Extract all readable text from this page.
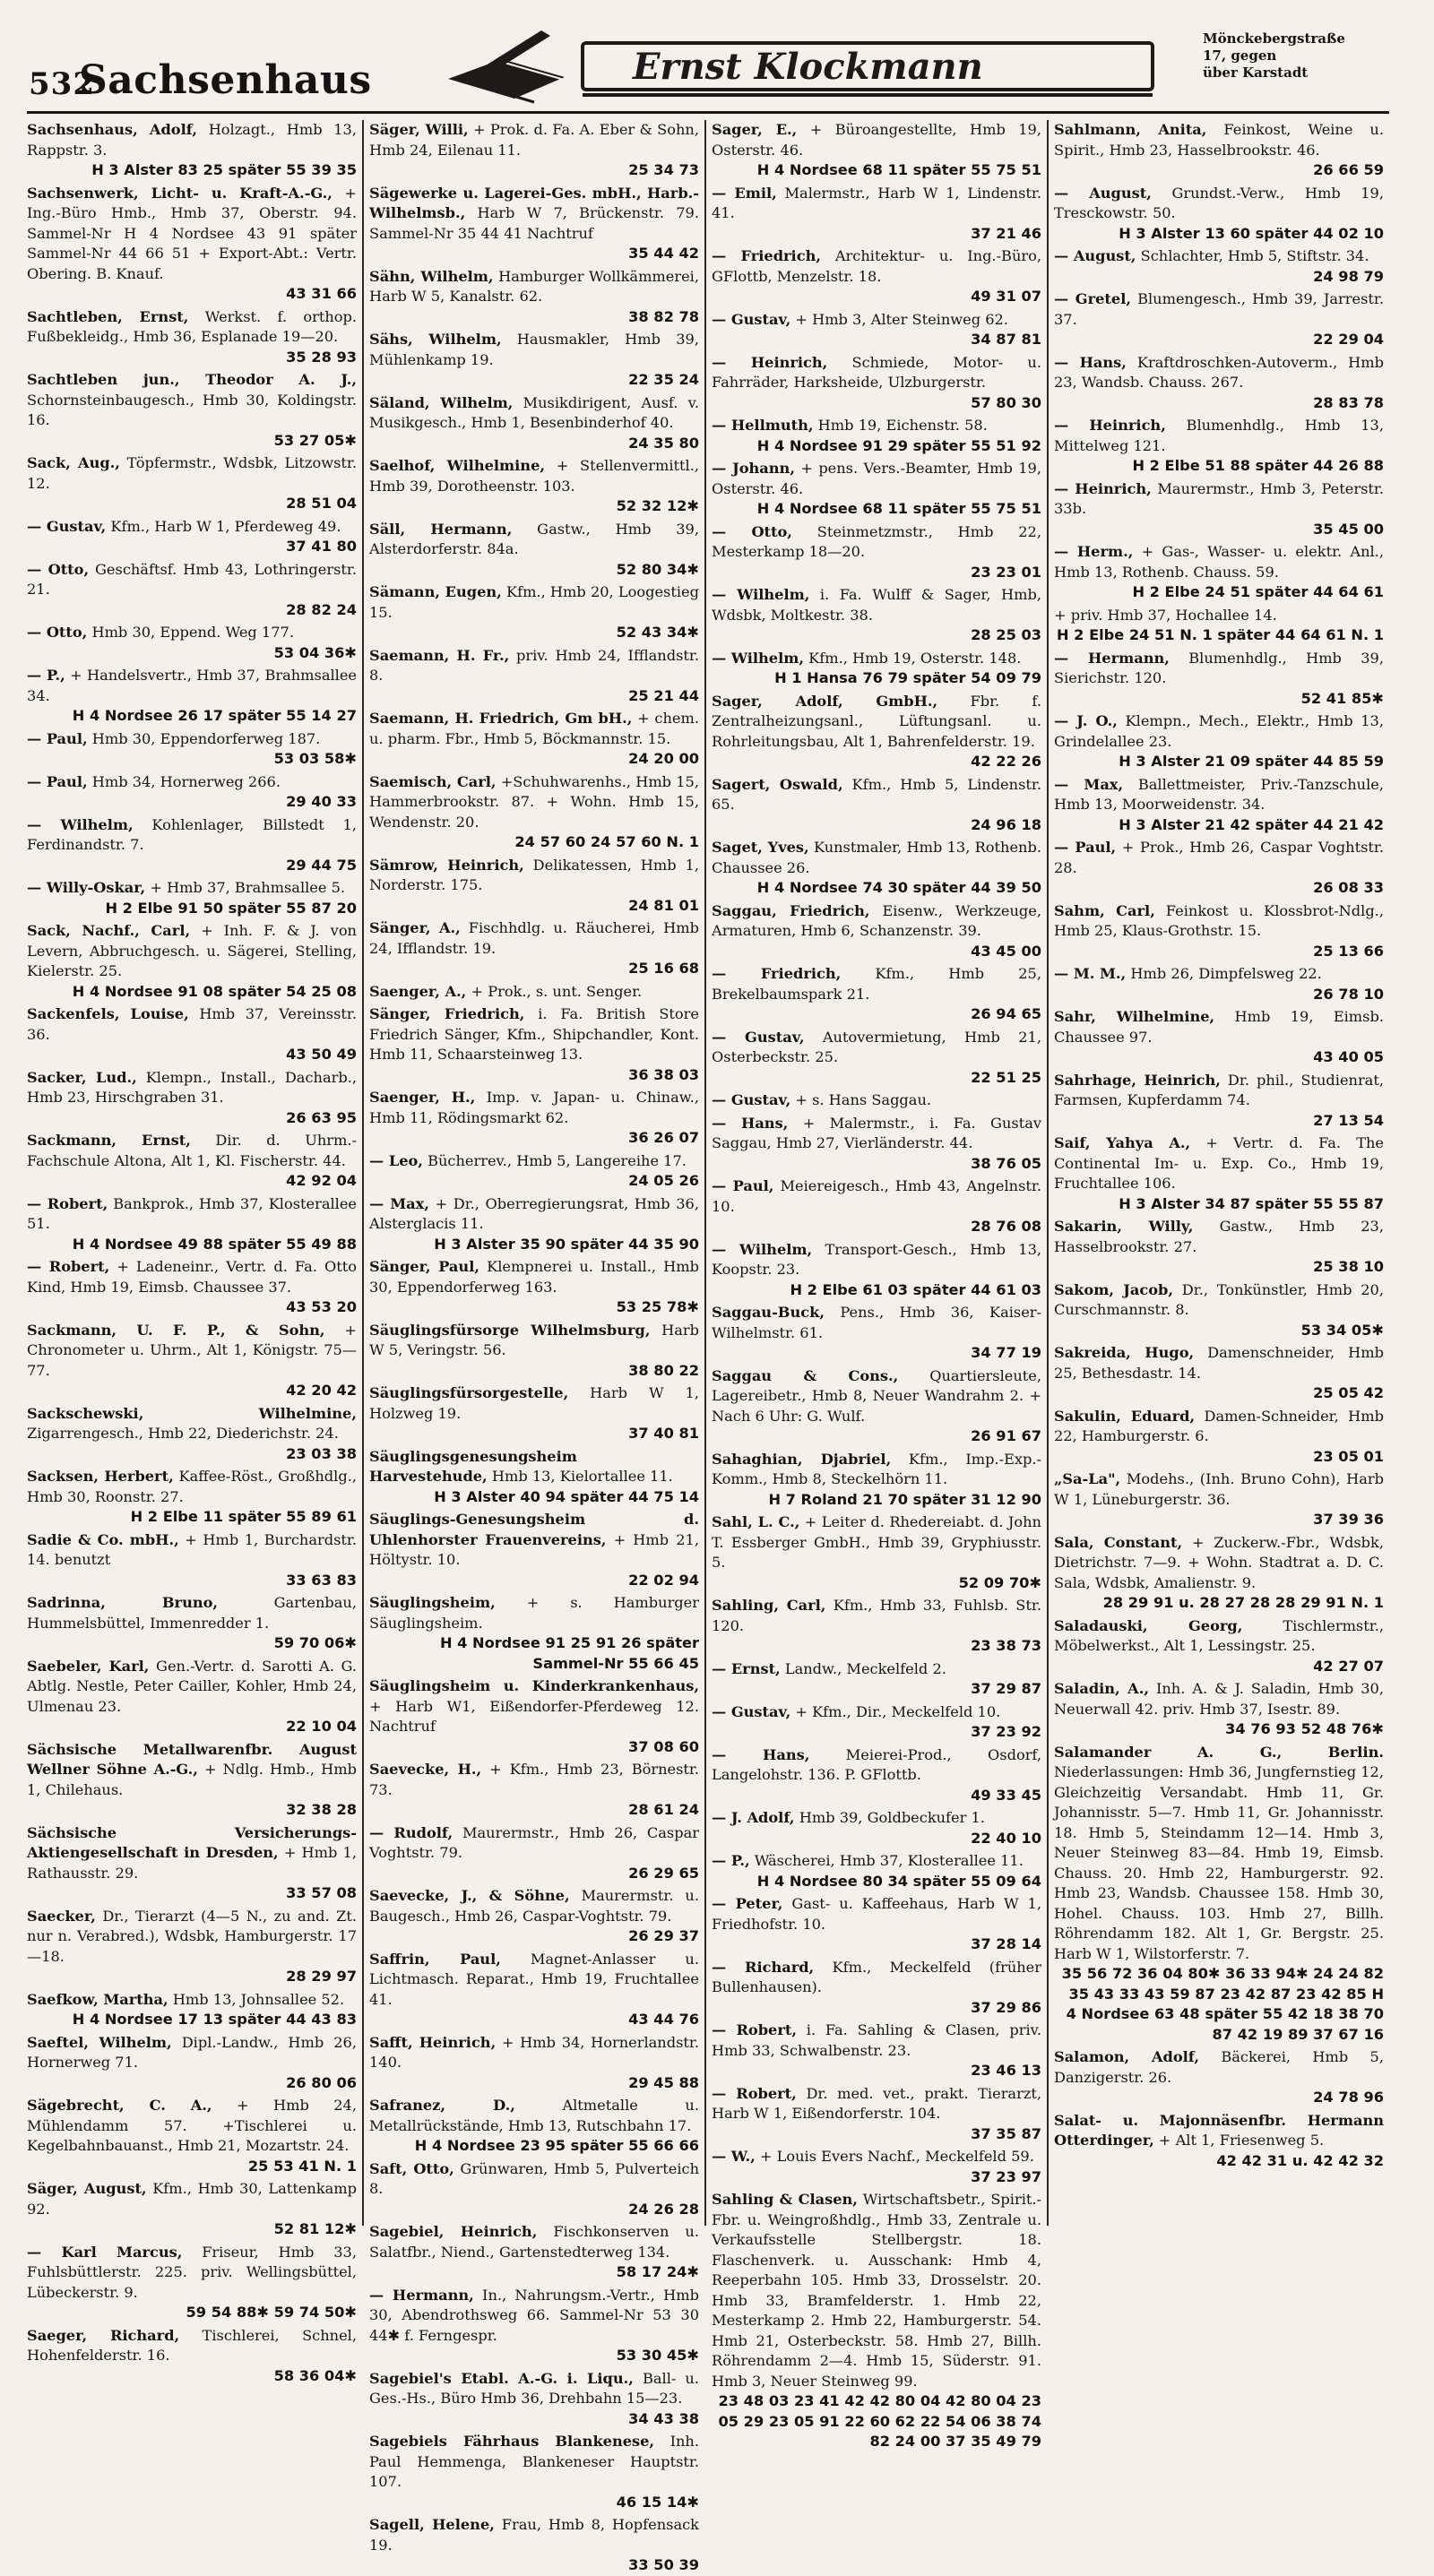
532
Sachsenhaus	Ernst Klockmann
Mönckebergstraße 17, gegen
über Karstadt

Sachsenhaus, Adolf, Holzagt., Hmb 13, Rappstr. 3.
H 3 Alster 83 25 später 55 39 35

Sachsenwerk, Licht- u. Kraft-A.-G., + Ing.-Büro Hmb., Hmb 37, Oberstr. 94. Sammel-Nr H 4 Nordsee 43 91 später Sammel-Nr 44 66 51 + Export-Abt.: Vertr. Obering. B. Knauf.
43 31 66

Sachtleben, Ernst, Werkst. f. orthop. Fußbekleidg., Hmb 36, Esplanade 19—20.
35 28 93

Sachtleben jun., Theodor A. J., Schornsteinbaugesch., Hmb 30, Koldingstr. 16.
53 27 05✱

Sack, Aug., Töpfermstr., Wdsbk, Litzowstr. 12.
28 51 04

— Gustav, Kfm., Harb W 1, Pferdeweg 49.
37 41 80

— Otto, Geschäftsf. Hmb 43, Lothringerstr. 21.
28 82 24

— Otto, Hmb 30, Eppend. Weg 177.
53 04 36✱

— P., + Handelsvertr., Hmb 37, Brahmsallee 34.
H 4 Nordsee 26 17 später 55 14 27

— Paul, Hmb 30, Eppendorferweg 187.
53 03 58✱

— Paul, Hmb 34, Hornerweg 266.
29 40 33

— Wilhelm, Kohlenlager, Billstedt 1, Ferdinandstr. 7.
29 44 75

— Willy-Oskar, + Hmb 37, Brahmsallee 5.
H 2 Elbe 91 50 später 55 87 20

Sack, Nachf., Carl, + Inh. F. & J. von Levern, Abbruchgesch. u. Sägerei, Stelling, Kielerstr. 25.
H 4 Nordsee 91 08 später 54 25 08

Sackenfels, Louise, Hmb 37, Vereinsstr. 36.
43 50 49

Sacker, Lud., Klempn., Install., Dacharb., Hmb 23, Hirschgraben 31.
26 63 95

Sackmann, Ernst, Dir. d. Uhrm.-Fachschule Altona, Alt 1, Kl. Fischerstr. 44.
42 92 04

— Robert, Bankprok., Hmb 37, Klosterallee 51.
H 4 Nordsee 49 88 später 55 49 88

— Robert, + Ladeneinr., Vertr. d. Fa. Otto Kind, Hmb 19, Eimsb. Chaussee 37.
43 53 20

Sackmann, U. F. P., & Sohn, + Chronometer u. Uhrm., Alt 1, Königstr. 75—77.
42 20 42

Sackschewski, Wilhelmine, Zigarrengesch., Hmb 22, Diederichstr. 24.
23 03 38

Sacksen, Herbert, Kaffee-Röst., Großhdlg., Hmb 30, Roonstr. 27.
H 2 Elbe 11 später 55 89 61

Sadie & Co. mbH., + Hmb 1, Burchardstr. 14. benutzt
33 63 83

Sadrinna, Bruno,	Gartenbau, Hummelsbüttel, Immenredder 1.
59 70 06✱

Saebeler, Karl, Gen.-Vertr. d. Sarotti A. G. Abtlg. Nestle, Peter Cailler, Kohler, Hmb 24, Ulmenau 23.
22 10 04

Sächsische Metallwarenfbr. August Wellner Söhne A.-G., + Ndlg. Hmb., Hmb 1, Chilehaus.
32 38 28

Sächsische Versicherungs-Aktiengesellschaft in Dresden, + Hmb 1, Rathausstr. 29.
33 57 08

Saecker, Dr., Tierarzt (4—5 N., zu and. Zt. nur n. Verabred.), Wdsbk, Hamburgerstr. 17—18.
28 29 97

Saefkow, Martha, Hmb 13, Johnsallee 52.
H 4 Nordsee 17 13 später 44 43 83

Saeftel, Wilhelm, Dipl.-Landw., Hmb 26, Hornerweg 71.
26 80 06

Sägebrecht, C. A., + Hmb 24, Mühlendamm 57. +Tischlerei u. Kegelbahnbauanst., Hmb 21, Mozartstr. 24.
25 53 41 N. 1

Säger, August, Kfm., Hmb 30, Lattenkamp 92.
52 81 12✱

— Karl Marcus, Friseur, Hmb 33, Fuhlsbüttlerstr. 225. priv. Wellingsbüttel, Lübeckerstr. 9.
59 54 88✱ 59 74 50✱

Saeger, Richard, Tischlerei, Schnel, Hohenfelderstr. 16.
58 36 04✱

Säger, Willi, + Prok. d. Fa. A. Eber & Sohn, Hmb 24, Eilenau 11.
25 34 73

Sägewerke u. Lagerei-Ges. mbH., Harb.-Wilhelmsb., Harb W 7, Brückenstr. 79. Sammel-Nr 35 44 41 Nachtruf
35 44 42

Sähn, Wilhelm, Hamburger Wollkämmerei, Harb W 5, Kanalstr. 62.
38 82 78

Sähs, Wilhelm, Hausmakler, Hmb 39, Mühlenkamp 19.
22 35 24

Säland, Wilhelm, Musikdirigent, Ausf. v. Musikgesch., Hmb 1, Besenbinderhof 40.
24 35 80

Saelhof, Wilhelmine, + Stellenvermittl., Hmb 39, Dorotheenstr. 103.
52 32 12✱

Säll, Hermann, Gastw., Hmb 39, Alsterdorferstr. 84a.
52 80 34✱

Sämann, Eugen, Kfm., Hmb 20, Loogestieg 15.
52 43 34✱

Saemann, H. Fr., priv. Hmb 24, Ifflandstr. 8.
25 21 44

Saemann, H. Friedrich, Gm bH., + chem. u. pharm. Fbr., Hmb 5, Böckmannstr. 15.
24 20 00

Saemisch, Carl, +Schuhwarenhs., Hmb 15, Hammerbrookstr. 87. + Wohn. Hmb 15, Wendenstr. 20.
24 57 60 24 57 60 N. 1

Sämrow, Heinrich, Delikatessen, Hmb 1, Norderstr. 175.
24 81 01

Sänger, A., Fischhdlg. u. Räucherei, Hmb 24, Ifflandstr. 19.
25 16 68

Saenger, A., + Prok., s. unt. Senger.

Sänger, Friedrich, i. Fa. British Store Friedrich Sänger, Kfm., Shipchandler, Kont. Hmb 11, Schaarsteinweg 13.
36 38 03

Saenger, H., Imp. v. Japan- u. Chinaw., Hmb 11, Rödingsmarkt 62.
36 26 07

— Leo, Bücherrev., Hmb 5, Langereihe 17.
24 05 26

— Max, + Dr., Oberregierungsrat, Hmb 36, Alsterglacis 11.
H 3 Alster 35 90 später 44 35 90

Sänger, Paul, Klempnerei u. Install., Hmb 30, Eppendorferweg 163.
53 25 78✱

Säuglingsfürsorge Wilhelmsburg, Harb W 5, Veringstr. 56.
38 80 22

Säuglingsfürsorgestelle, Harb W 1, Holzweg 19.
37 40 81

Säuglingsgenesungsheim Harvestehude, Hmb 13, Kielortallee 11.
H 3 Alster 40 94 später 44 75 14

Säuglings-Genesungsheim d. Uhlenhorster Frauenvereins, + Hmb 21, Höltystr. 10.
22 02 94

Säuglingsheim, + s. Hamburger Säuglingsheim.
H 4 Nordsee 91 25 91 26 später Sammel-Nr 55 66 45

Säuglingsheim u. Kinderkrankenhaus, + Harb W1, Eißendorfer-Pferdeweg 12. Nachtruf
37 08 60

Saevecke, H., + Kfm., Hmb 23, Börnestr. 73.
28 61 24

— Rudolf, Maurermstr., Hmb 26, Caspar Voghtstr. 79.
26 29 65

Saevecke, J., & Söhne, Maurermstr. u. Baugesch., Hmb 26, Caspar-Voghtstr. 79.
26 29 37

Saffrin, Paul, Magnet-Anlasser u. Lichtmasch. Reparat., Hmb 19, Fruchtallee 41.
43 44 76

Safft, Heinrich, + Hmb 34, Hornerlandstr. 140.
29 45 88

Safranez, D.,	Altmetalle u. Metallrückstände, Hmb 13, Rutschbahn 17.
H 4 Nordsee 23 95 später 55 66 66

Saft, Otto, Grünwaren, Hmb 5, Pulverteich 8.
24 26 28

Sagebiel, Heinrich, Fischkonserven u. Salatfbr., Niend., Gartenstedterweg 134.
58 17 24✱

— Hermann, In., Nahrungsm.-Vertr., Hmb 30, Abendrothsweg 66. Sammel-Nr 53 30 44✱ f. Ferngespr.
53 30 45✱

Sagebiel's Etabl. A.-G. i. Liqu., Ball- u. Ges.-Hs., Büro Hmb 36, Drehbahn 15—23.
34 43 38

Sagebiels Fährhaus Blankenese, Inh. Paul Hemmenga, Blankeneser Hauptstr. 107.
46 15 14✱

Sagell, Helene, Frau, Hmb 8, Hopfensack 19.
33 50 39

Sager, E., + Büroangestellte, Hmb 19, Osterstr. 46.
H 4 Nordsee 68 11 später 55 75 51

— Emil, Malermstr., Harb W 1, Lindenstr. 41.
37 21 46

— Friedrich, Architektur- u. Ing.-Büro, GFlottb, Menzelstr. 18.
49 31 07

— Gustav, + Hmb 3, Alter Steinweg 62.
34 87 81

— Heinrich, Schmiede, Motor- u. Fahrräder, Harksheide, Ulzburgerstr.
57 80 30

— Hellmuth, Hmb 19, Eichenstr. 58.
H 4 Nordsee 91 29 später 55 51 92

— Johann, + pens. Vers.-Beamter, Hmb 19, Osterstr. 46.
H 4 Nordsee 68 11 später 55 75 51

— Otto, Steinmetzmstr., Hmb 22, Mesterkamp 18—20.
23 23 01

— Wilhelm, i. Fa. Wulff & Sager, Hmb, Wdsbk, Moltkestr. 38.
28 25 03

— Wilhelm, Kfm., Hmb 19, Osterstr. 148.
H 1 Hansa 76 79 später 54 09 79

Sager, Adolf, GmbH., Fbr. f. Zentralheizungsanl., Lüftungsanl. u. Rohrleitungsbau, Alt 1, Bahrenfelderstr. 19.
42 22 26

Sagert, Oswald, Kfm., Hmb 5, Lindenstr. 65.
24 96 18

Saget, Yves, Kunstmaler, Hmb 13, Rothenb. Chaussee 26.
H 4 Nordsee 74 30 später 44 39 50

Saggau, Friedrich, Eisenw., Werkzeuge, Armaturen, Hmb 6, Schanzenstr. 39.
43 45 00

— Friedrich, Kfm., Hmb 25, Brekelbaumspark 21.
26 94 65

— Gustav, Autovermietung, Hmb 21, Osterbeckstr. 25.
22 51 25

— Gustav, + s. Hans Saggau.

— Hans, + Malermstr., i. Fa. Gustav Saggau, Hmb 27, Vierländerstr. 44.
38 76 05

— Paul, Meiereigesch., Hmb 43, Angelnstr. 10.
28 76 08

— Wilhelm, Transport-Gesch., Hmb 13, Koopstr. 23.
H 2 Elbe 61 03 später 44 61 03

Saggau-Buck, Pens., Hmb 36, Kaiser-Wilhelmstr. 61.
34 77 19

Saggau & Cons., Quartiersleute, Lagereibetr., Hmb 8, Neuer Wandrahm 2. + Nach 6 Uhr: G. Wulf.
26 91 67

Sahaghian, Djabriel, Kfm., Imp.-Exp.-Komm., Hmb 8, Steckelhörn 11.
H 7 Roland 21 70 später 31 12 90

Sahl, L. C., + Leiter d. Rhedereiabt. d. John T. Essberger GmbH., Hmb 39, Gryphiusstr. 5.
52 09 70✱

Sahling, Carl, Kfm., Hmb 33, Fuhlsb. Str. 120.
23 38 73

— Ernst, Landw., Meckelfeld 2.
37 29 87

— Gustav, + Kfm., Dir., Meckelfeld 10.
37 23 92

— Hans, Meierei-Prod., Osdorf, Langelohstr. 136. P. GFlottb.
49 33 45

— J. Adolf, Hmb 39, Goldbeckufer 1.
22 40 10

— P., Wäscherei, Hmb 37, Klosterallee 11.
H 4 Nordsee 80 34 später 55 09 64

— Peter, Gast- u. Kaffeehaus, Harb W 1, Friedhofstr. 10.
37 28 14

— Richard, Kfm., Meckelfeld (früher Bullenhausen).
37 29 86

— Robert, i. Fa. Sahling & Clasen, priv. Hmb 33, Schwalbenstr. 23.
23 46 13

— Robert, Dr. med. vet., prakt. Tierarzt, Harb W 1, Eißendorferstr. 104.
37 35 87

— W., + Louis Evers Nachf., Meckelfeld 59.
37 23 97

Sahling & Clasen, Wirtschaftsbetr., Spirit.-Fbr. u. Weingroßhdlg., Hmb 33, Zentrale u. Verkaufsstelle Stellbergstr. 18. Flaschenverk. u. Ausschank: Hmb 4, Reeperbahn 105. Hmb 33, Drosselstr. 20. Hmb 33, Bramfelderstr. 1. Hmb 22, Mesterkamp 2. Hmb 22, Hamburgerstr. 54. Hmb 21, Osterbeckstr. 58. Hmb 27, Billh. Röhrendamm 2—4. Hmb 15, Süderstr. 91. Hmb 3, Neuer Steinweg 99.
23 48 03 23 41 42 42 80 04 42 80 04 23 05 29 23 05 91 22 60 62 22 54 06 38 74 82 24 00 37 35 49 79

Sahlmann, Anita, Feinkost, Weine u. Spirit., Hmb 23, Hasselbrookstr. 46.
26 66 59

— August, Grundst.-Verw., Hmb 19, Tresckowstr. 50.
H 3 Alster 13 60 später 44 02 10

— August, Schlachter, Hmb 5, Stiftstr. 34.
24 98 79

— Gretel, Blumengesch., Hmb 39, Jarrestr. 37.
22 29 04

— Hans, Kraftdroschken-Autoverm., Hmb 23, Wandsb. Chauss. 267.
28 83 78

— Heinrich, Blumenhdlg., Hmb 13, Mittelweg 121.
H 2 Elbe 51 88 später 44 26 88

— Heinrich, Maurermstr., Hmb 3, Peterstr. 33b.
35 45 00

— Herm., + Gas-, Wasser- u. elektr. Anl., Hmb 13, Rothenb. Chauss. 59.
H 2 Elbe 24 51 später 44 64 61

+ priv. Hmb 37, Hochallee 14.
H 2 Elbe 24 51 N. 1 später 44 64 61 N. 1

— Hermann, Blumenhdlg., Hmb 39, Sierichstr. 120.
52 41 85✱

— J. O., Klempn., Mech., Elektr., Hmb 13, Grindelallee 23.
H 3 Alster 21 09 später 44 85 59

— Max, Ballettmeister, Priv.-Tanzschule, Hmb 13, Moorweidenstr. 34.
H 3 Alster 21 42 später 44 21 42

— Paul, + Prok., Hmb 26, Caspar Voghtstr. 28.
26 08 33

Sahm, Carl, Feinkost u. Klossbrot-Ndlg., Hmb 25, Klaus-Grothstr. 15.
25 13 66

— M. M., Hmb 26, Dimpfelsweg 22.
26 78 10

Sahr, Wilhelmine, Hmb 19, Eimsb. Chaussee 97.
43 40 05

Sahrhage, Heinrich, Dr. phil., Studienrat, Farmsen, Kupferdamm 74.
27 13 54

Saif, Yahya A., + Vertr. d. Fa. The Continental Im- u. Exp. Co., Hmb 19, Fruchtallee 106.
H 3 Alster 34 87 später 55 55 87

Sakarin, Willy, Gastw., Hmb 23, Hasselbrookstr. 27.
25 38 10

Sakom, Jacob, Dr., Tonkünstler, Hmb 20, Curschmannstr. 8.
53 34 05✱

Sakreida, Hugo, Damenschneider, Hmb 25, Bethesdastr. 14.
25 05 42

Sakulin, Eduard, Damen-Schneider, Hmb 22, Hamburgerstr. 6.
23 05 01

„Sa-La", Modehs., (Inh. Bruno Cohn), Harb W 1, Lüneburgerstr. 36.
37 39 36

Sala, Constant, + Zuckerw.-Fbr., Wdsbk, Dietrichstr. 7—9. + Wohn. Stadtrat a. D. C. Sala, Wdsbk, Amalienstr. 9.
28 29 91 u. 28 27 28 28 29 91 N. 1

Saladauski, Georg,	Tischlermstr., Möbelwerkst., Alt 1, Lessingstr. 25.
42 27 07

Saladin, A., Inh. A. & J. Saladin, Hmb 30, Neuerwall 42. priv. Hmb 37, Isestr. 89.
34 76 93 52 48 76✱

Salamander A. G., Berlin. Niederlassungen: Hmb 36, Jungfernstieg 12, Gleichzeitig Versandabt. Hmb 11, Gr. Johannisstr. 5—7. Hmb 11, Gr. Johannisstr. 18. Hmb 5, Steindamm 12—14. Hmb 3, Neuer Steinweg 83—84. Hmb 19, Eimsb. Chauss. 20. Hmb 22, Hamburgerstr. 92. Hmb 23, Wandsb. Chaussee 158. Hmb 30, Hohel. Chauss. 103. Hmb 27, Billh. Röhrendamm 182. Alt 1, Gr. Bergstr. 25. Harb W 1, Wilstorferstr. 7.
35 56 72 36 04 80✱ 36 33 94✱ 24 24 82 35 43 33 43 59 87 23 42 87 23 42 85 H 4 Nordsee 63 48 später 55 42 18 38 70 87 42 19 89 37 67 16

Salamon, Adolf, Bäckerei, Hmb 5, Danzigerstr. 26.
24 78 96

Salat- u. Majonnäsenfbr. Hermann Otterdinger, + Alt 1, Friesenweg 5.
42 42 31 u. 42 42 32
